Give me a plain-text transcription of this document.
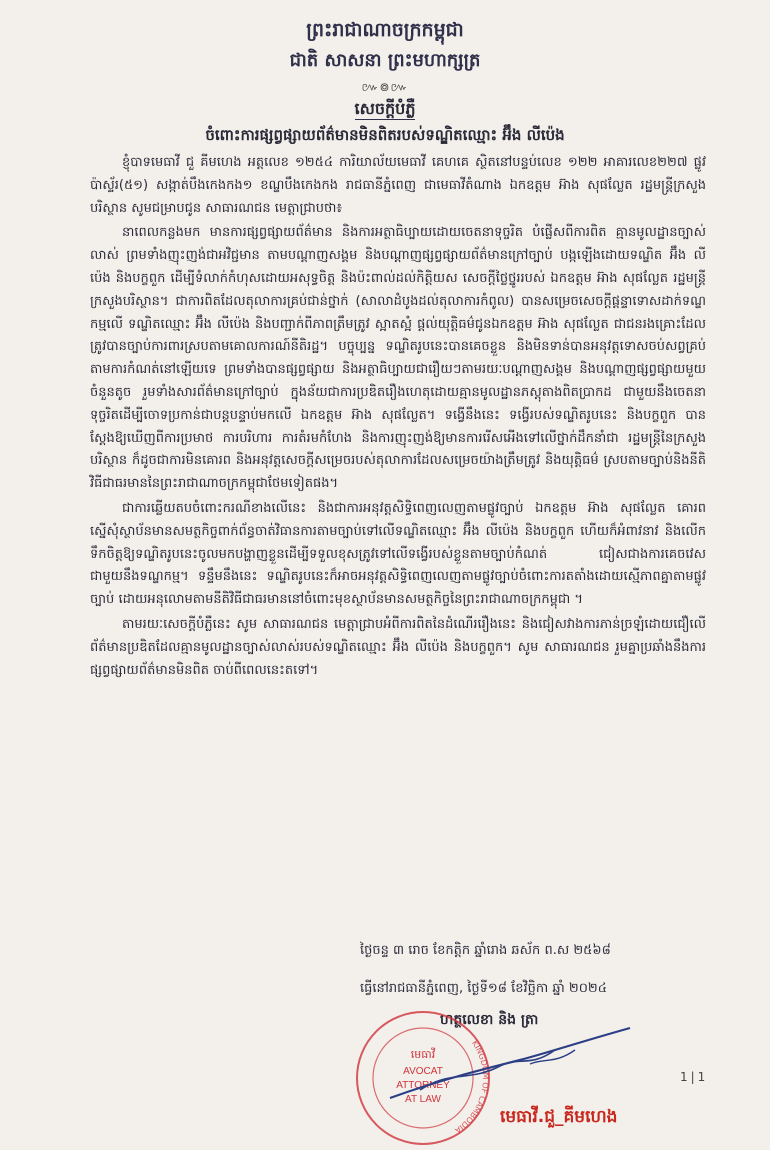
ព្រះរាជាណាចក្រកម្ពុជា
ជាតិ សាសនា ព្រះមហាក្សត្រ
៚៙៚
សេចក្តីបំភ្លឺ
ចំពោះការផ្សព្វផ្សាយព័ត៌មានមិនពិតរបស់ទណ្ឌិតឈ្មោះ អ៊ឹង លីប៉េង

ខ្ញុំបាទមេធាវី ជួ គីមហេង អត្តលេខ ១២៥៤ ការិយាល័យមេធាវី គេហគេ ស្ថិតនៅបន្ទប់លេខ ១២២ អាគារលេខ២២៧ ផ្លូវប៉ាស្ទ័រ(៥១) សង្កាត់បឹងកេងកង១ ខណ្ឌបឹងកេងកង រាជធានីភ្នំពេញ ជាមេធាវីតំណាង ឯកឧត្តម អ៊ាង សុផល្លែត រដ្ឋមន្ត្រីក្រសួងបរិស្ថាន សូមជម្រាបជូន សាធារណជន មេត្តាជ្រាបថា៖

នាពេលកន្លងមក មានការផ្សព្វផ្សាយព័ត៌មាន និងការអត្ថាធិប្បាយដោយចេតនាទុច្ចរិត បំផ្លើសពីការពិត គ្មានមូលដ្ឋានច្បាស់លាស់ ព្រមទាំងញុះញង់ជាអវិជ្ជមាន តាមបណ្តាញសង្គម និងបណ្តាញផ្សព្វផ្សាយព័ត៌មានក្រៅច្បាប់ បង្កឡើងដោយទណ្ឌិត អ៊ឹង លីប៉េង និងបក្ខពួក ដើម្បីទំលាក់កំហុសដោយអសុទ្ធចិត្ត និងប៉ះពាល់ដល់កិត្តិយស សេចក្តីថ្លៃថ្នូររបស់ ឯកឧត្តម អ៊ាង សុផល្លែត រដ្ឋមន្ត្រីក្រសួងបរិស្ថាន។ ជាការពិតដែលតុលាការគ្រប់ជាន់ថ្នាក់ (សាលាដំបូងដល់តុលាការកំពូល) បានសម្រេចសេចក្តីផ្តន្ទាទោសដាក់ទណ្ឌកម្មលើ ទណ្ឌិតឈ្មោះ អ៊ឹង លីប៉េង និងបញ្ជាក់ពីភាពត្រឹមត្រូវ ស្អាតស្អំ ផ្តល់យុត្តិធម៌ជូនឯកឧត្តម អ៊ាង សុផល្លែត ជាជនរងគ្រោះដែលត្រូវបានច្បាប់ការពារស្របតាមគោលការណ៍នីតិរដ្ឋ។ បច្ចុប្បន្ន ទណ្ឌិតរូបនេះបានគេចខ្លួន និងមិនទាន់បានអនុវត្តទោសចប់សព្វគ្រប់តាមការកំណត់នៅឡើយទេ ព្រមទាំងបានផ្សព្វផ្សាយ និងអត្ថាធិប្បាយជារឿយៗតាមរយៈបណ្តាញសង្គម និងបណ្តាញផ្សព្វផ្សាយមួយចំនួនតូច រួមទាំងសារព័ត៌មានក្រៅច្បាប់ ក្នុងន័យជាការប្រឌិតរឿងហេតុដោយគ្មានមូលដ្ឋានភស្តុតាងពិតប្រាកដ ជាមួយនឹងចេតនាទុច្ចរិតដើម្បីចោទប្រកាន់ជាបន្តបន្ទាប់មកលើ ឯកឧត្តម អ៊ាង សុផល្លែត។ ទង្វើនឹងនេះ ទង្វើរបស់ទណ្ឌិតរូបនេះ និងបក្ខពួក បានស្តែងឱ្យឃើញពីការប្រមាថ ការបរិហារ ការតំរមកំហែង និងការញុះញង់ឱ្យមានការរើសអើងទៅលើថ្នាក់ដឹកនាំជា រដ្ឋមន្ត្រីនៃក្រសួងបរិស្ថាន ក៏ដូចជាការមិនគោរព និងអនុវត្តសេចក្តីសម្រេចរបស់តុលាការដែលសម្រេចយ៉ាងត្រឹមត្រូវ និងយុត្តិធម៌ ស្របតាមច្បាប់និងនីតិវិធីជាធរមាននៃព្រះរាជាណាចក្រកម្ពុជាថែមទៀតផង។

ជាការឆ្លើយតបចំពោះករណីខាងលើនេះ និងជាការអនុវត្តសិទ្ធិពេញលេញតាមផ្លូវច្បាប់ ឯកឧត្តម អ៊ាង សុផល្លែត គោរពស្នើសុំស្ថាប័នមានសមត្ថកិច្ចពាក់ព័ន្ធចាត់វិធានការតាមច្បាប់ទៅលើទណ្ឌិតឈ្មោះ អ៊ឹង លីប៉េង និងបក្ខពួក ហើយក៏អំពាវនាវ និងលើកទឹកចិត្តឱ្យទណ្ឌិតរូបនេះចូលមកបង្ហាញខ្លួនដើម្បីទទួលខុសត្រូវទៅលើទង្វើរបស់ខ្លួនតាមច្បាប់កំណត់ ជៀសជាងការគេចវេសជាមួយនឹងទណ្ឌកម្ម។ ទន្ទឹមនឹងនេះ ទណ្ឌិតរូបនេះក៏អាចអនុវត្តសិទ្ធិពេញលេញតាមផ្លូវច្បាប់ចំពោះការតតាំងដោយស្មើភាពគ្នាតាមផ្លូវច្បាប់ ដោយអនុលោមតាមនីតិវិធីជាធរមាននៅចំពោះមុខស្ថាប័នមានសមត្ថកិច្ចនៃព្រះរាជាណាចក្រកម្ពុជា ។

តាមរយៈសេចក្តីបំភ្លឺនេះ សូម សាធារណជន មេត្តាជ្រាបអំពីការពិតនៃដំណើររឿងនេះ និងជៀសវាងការភាន់ច្រឡំដោយជឿលើព័ត៌មានប្រឌិតដែលគ្មានមូលដ្ឋានច្បាស់លាស់របស់ទណ្ឌិតឈ្មោះ អ៊ឹង លីប៉េង និងបក្ខពួក។ សូម សាធារណជន រួមគ្នាប្រឆាំងនឹងការផ្សព្វផ្សាយព័ត៌មានមិនពិត ចាប់ពីពេលនេះតទៅ។

ថ្ងៃចន្ទ ៣ រោច ខែកត្តិក ឆ្នាំរោង ឆស័ក ព.ស ២៥៦៨
ធ្វើនៅរាជធានីភ្នំពេញ, ថ្ងៃទី១៨ ខែវិច្ឆិកា ឆ្នាំ ២០២៤
ហត្ថលេខា និង ត្រា
KINGDOM OF CAMBODIA
មេធាវី
AVOCAT
ATTORNEY
AT LAW
1|1
មេធាវី.ជួ_គីមហេង
